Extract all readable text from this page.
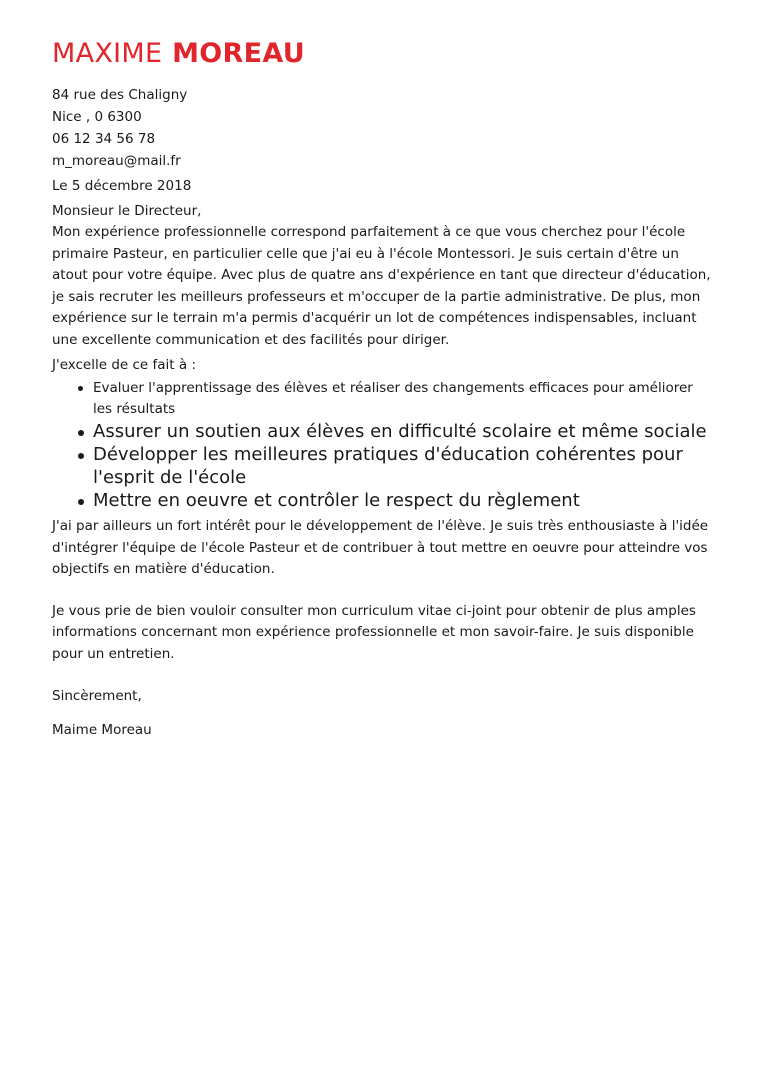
MAXIME MOREAU
84 rue des Chaligny
Nice , 0 6300
06 12 34 56 78
m_moreau@mail.fr
Le 5 décembre 2018
Monsieur le Directeur,

Mon expérience professionnelle correspond parfaitement à ce que vous cherchez pour l'école primaire Pasteur, en particulier celle que j'ai eu à l'école Montessori. Je suis certain d'être un atout pour votre équipe. Avec plus de quatre ans d'expérience en tant que directeur d'éducation, je sais recruter les meilleurs professeurs et m'occuper de la partie administrative. De plus, mon expérience sur le terrain m'a permis d'acquérir un lot de compétences indispensables, incluant une excellente communication et des facilités pour diriger.

J'excelle de ce fait à :
Evaluer l'apprentissage des élèves et réaliser des changements efficaces pour améliorer les résultats
Assurer un soutien aux élèves en difficulté scolaire et même sociale
Développer les meilleures pratiques d'éducation cohérentes pour l'esprit de l'école
Mettre en oeuvre et contrôler le respect du règlement

J'ai par ailleurs un fort intérêt pour le développement de l'élève. Je suis très enthousiaste à l'idée d'intégrer l'équipe de l'école Pasteur et de contribuer à tout mettre en oeuvre pour atteindre vos objectifs en matière d'éducation.

Je vous prie de bien vouloir consulter mon curriculum vitae ci-joint pour obtenir de plus amples informations concernant mon expérience professionnelle et mon savoir-faire. Je suis disponible pour un entretien.

Sincèrement,
Maime Moreau
